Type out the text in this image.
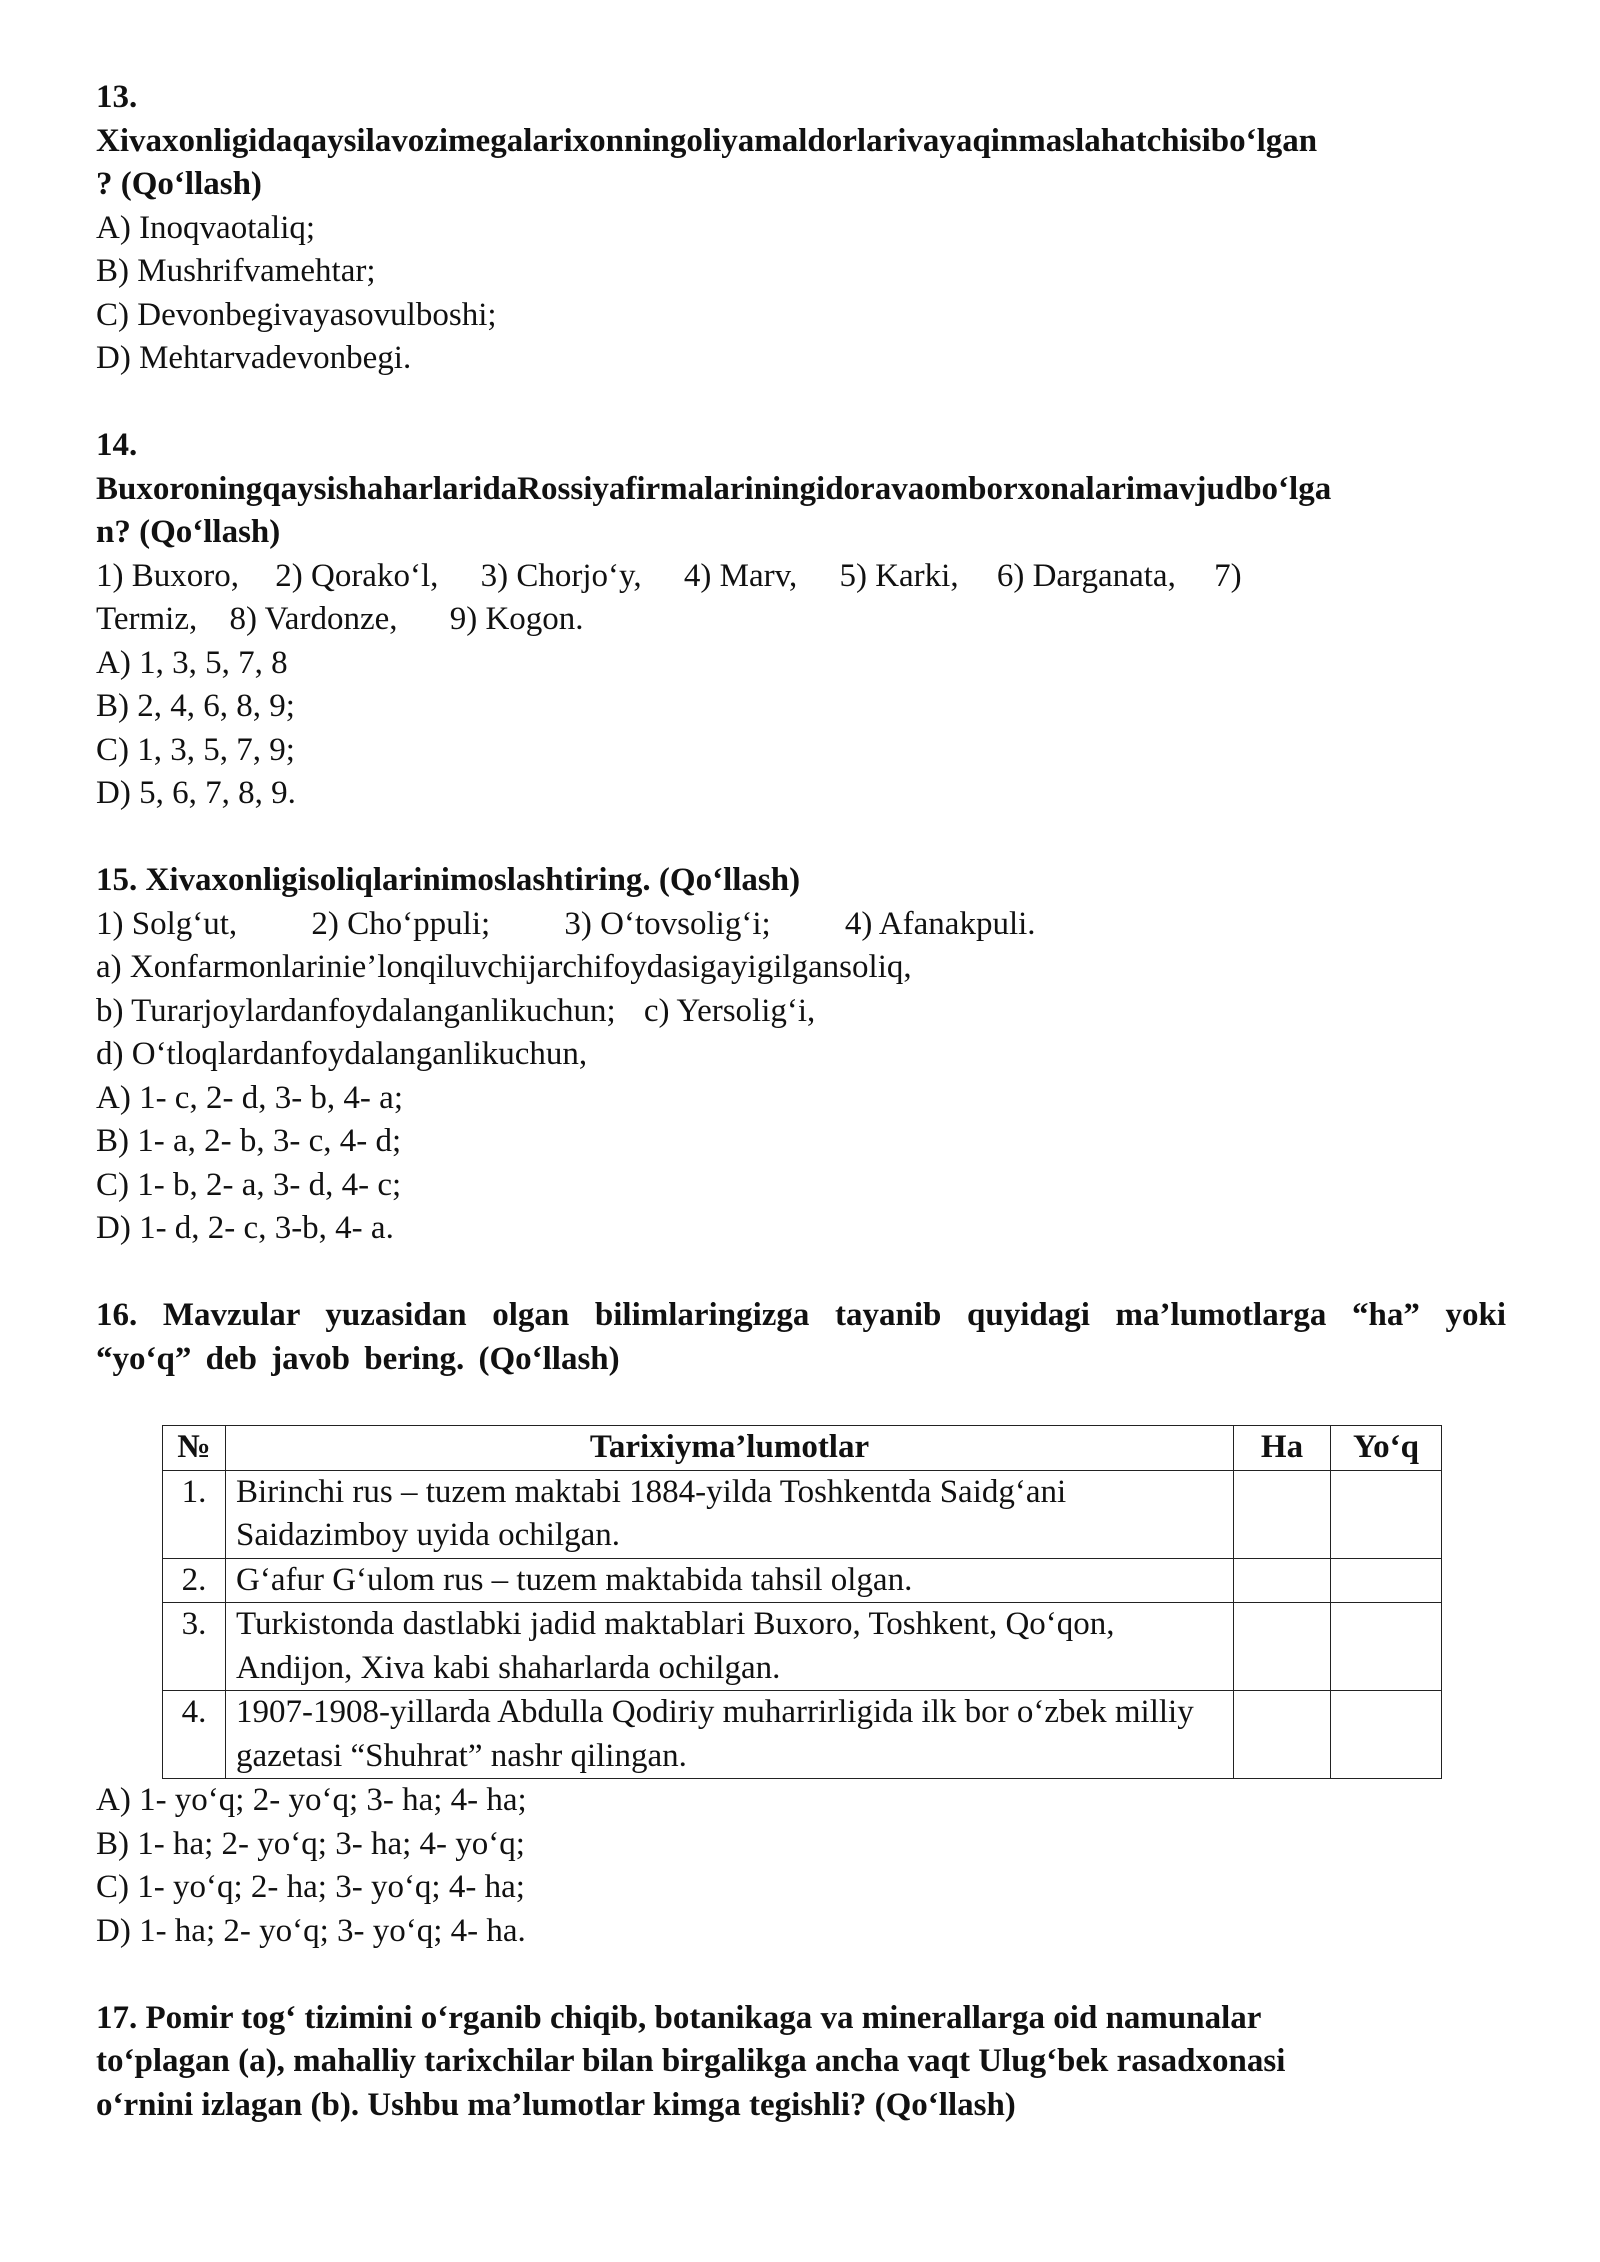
13.
Xivaxonligidaqaysilavozimegalarixonningoliyamaldorlarivayaqinmaslahatchisibo‘lgan
? (Qo‘llash)
A) Inoqvaotaliq;
B) Mushrifvamehtar;
C) Devonbegivayasovulboshi;
D) Mehtarvadevonbegi.
14.
BuxoroningqaysishaharlaridaRossiyafirmalariningidoravaomborxonalarimavjudbo‘lga
n? (Qo‘llash)
1) Buxoro, 2) Qorako‘l, 3) Chorjo‘y, 4) Marv, 5) Karki, 6) Darganata, 7)
Termiz, 8) Vardonze, 9) Kogon.
A) 1, 3, 5, 7, 8
B) 2, 4, 6, 8, 9;
C) 1, 3, 5, 7, 9;
D) 5, 6, 7, 8, 9.
15. Xivaxonligisoliqlarinimoslashtiring. (Qo‘llash)
1) Solg‘ut, 2) Cho‘ppuli; 3) O‘tovsolig‘i; 4) Afanakpuli.
a) Xonfarmonlarinie’lonqiluvchijarchifoydasigayigilgansoliq,
b) Turarjoylardanfoydalanganlikuchun; c) Yersolig‘i,
d) O‘tloqlardanfoydalanganlikuchun,
A) 1- c, 2- d, 3- b, 4- a;
B) 1- a, 2- b, 3- c, 4- d;
C) 1- b, 2- a, 3- d, 4- c;
D) 1- d, 2- c, 3-b, 4- a.
16. Mavzular yuzasidan olgan bilimlaringizga tayanib quyidagi ma’lumotlarga “ha” yoki “yo‘q” deb javob bering. (Qo‘llash)
№	Tarixiyma’lumotlar	Ha	Yo‘q
1.	Birinchi rus – tuzem maktabi 1884-yilda Toshkentda Saidg‘ani Saidazimboy uyida ochilgan.		
2.	G‘afur G‘ulom rus – tuzem maktabida tahsil olgan.		
3.	Turkistonda dastlabki jadid maktablari Buxoro, Toshkent, Qo‘qon, Andijon, Xiva kabi shaharlarda ochilgan.		
4.	1907-1908-yillarda Abdulla Qodiriy muharrirligida ilk bor o‘zbek milliy gazetasi “Shuhrat” nashr qilingan.		
A) 1- yo‘q; 2- yo‘q; 3- ha; 4- ha;
B) 1- ha; 2- yo‘q; 3- ha; 4- yo‘q;
C) 1- yo‘q; 2- ha; 3- yo‘q; 4- ha;
D) 1- ha; 2- yo‘q; 3- yo‘q; 4- ha.
17. Pomir tog‘ tizimini o‘rganib chiqib, botanikaga va minerallarga oid namunalar
to‘plagan (a), mahalliy tarixchilar bilan birgalikga ancha vaqt Ulug‘bek rasadxonasi
o‘rnini izlagan (b). Ushbu ma’lumotlar kimga tegishli? (Qo‘llash)
